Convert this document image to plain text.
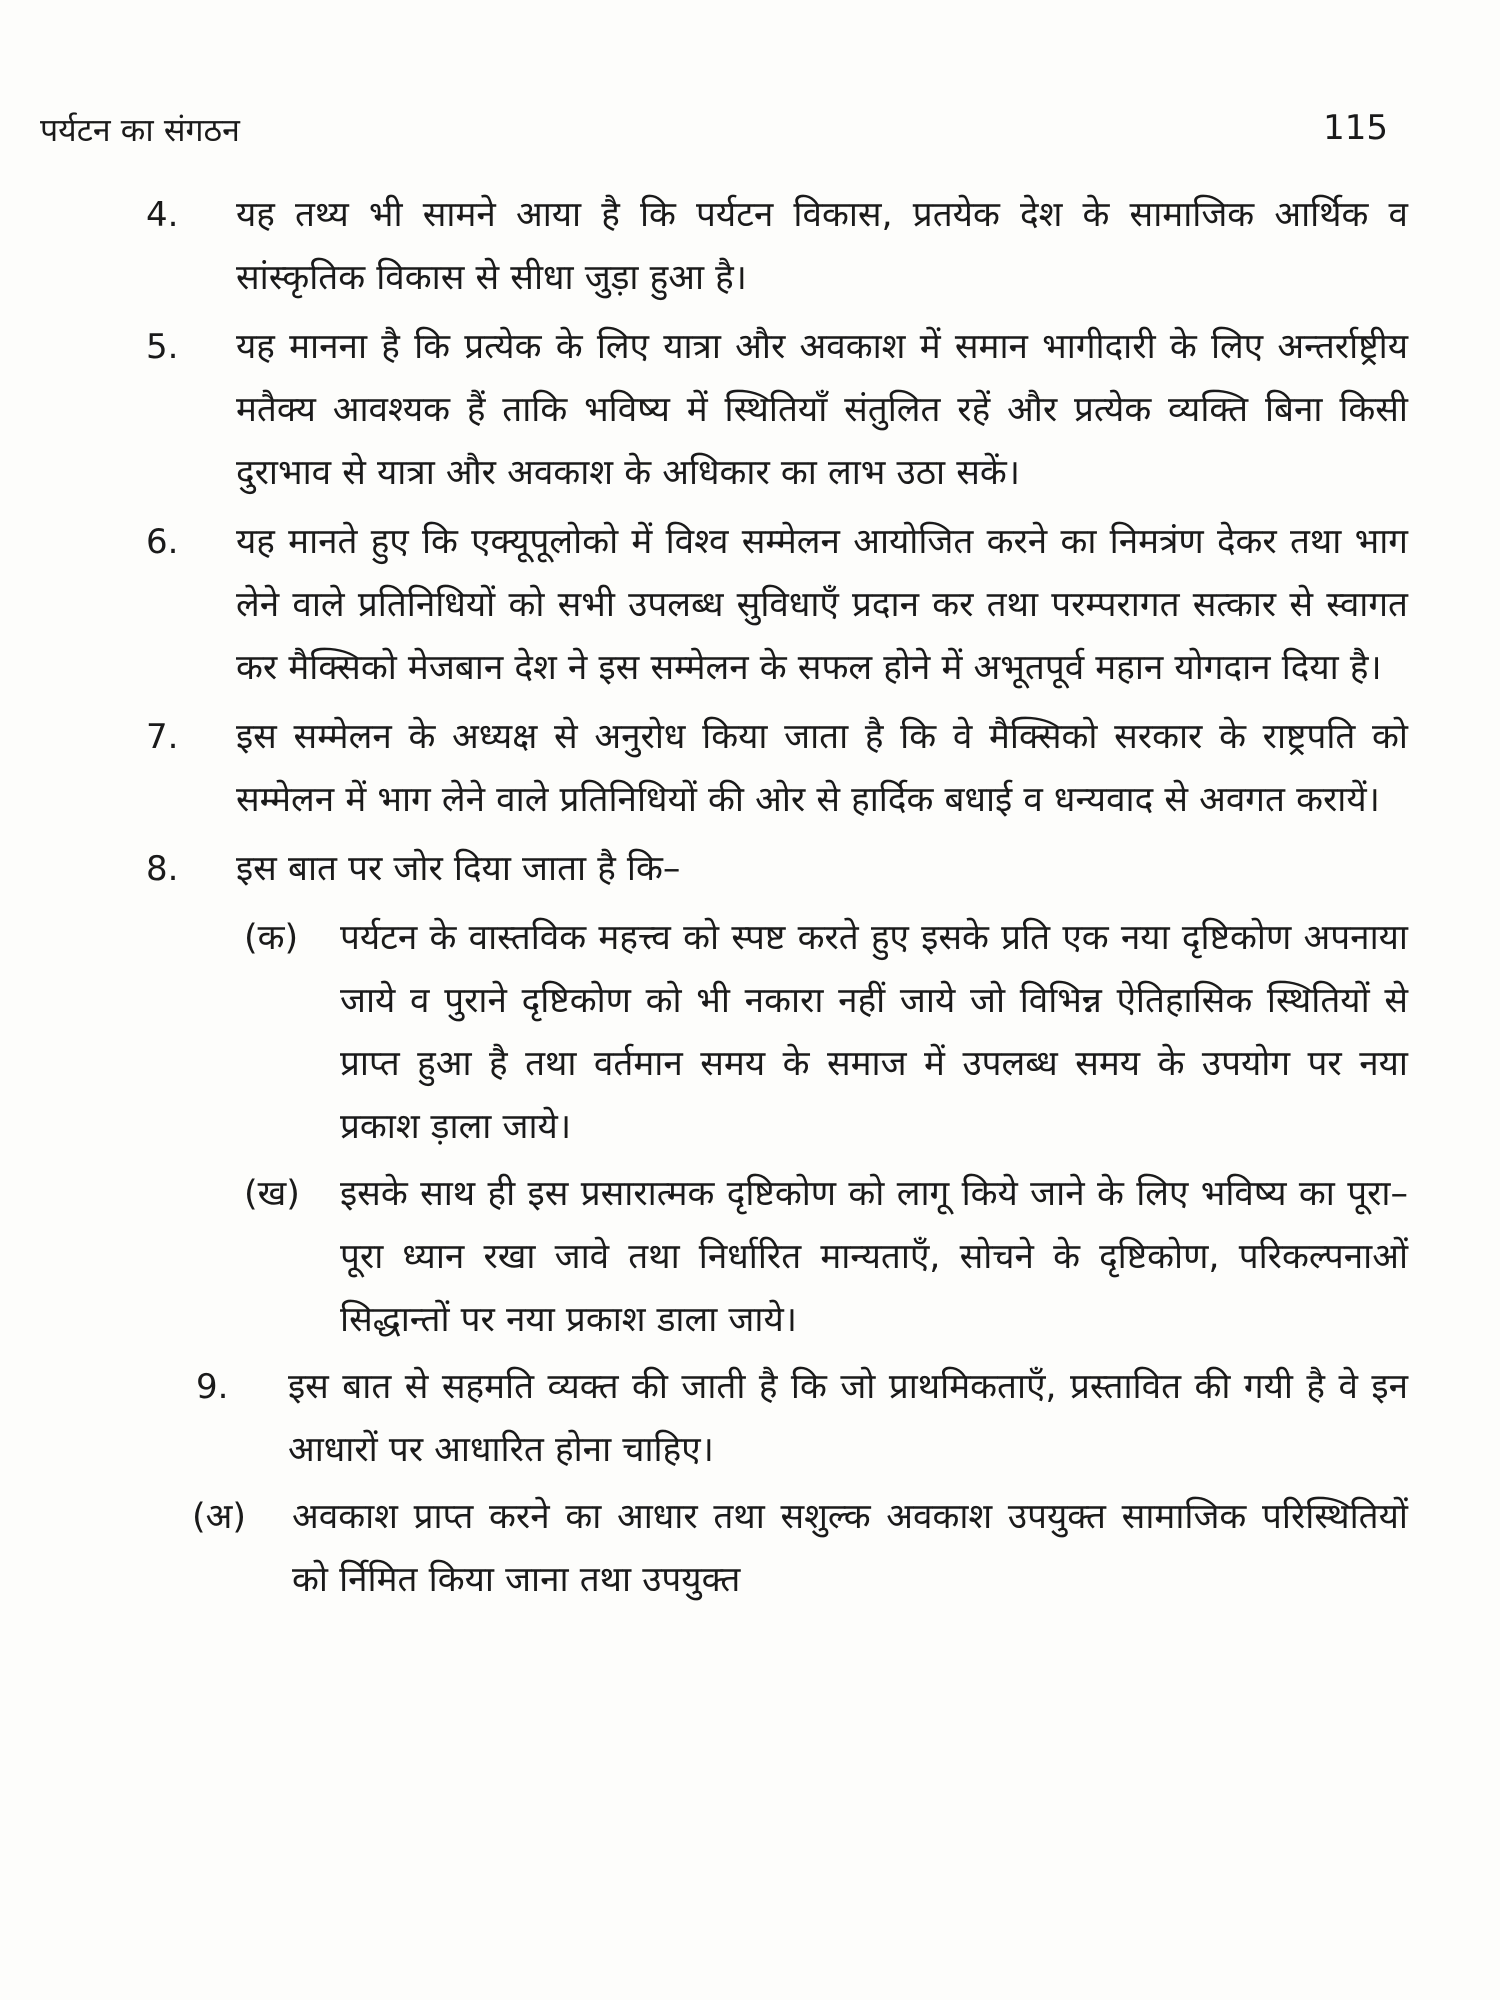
पर्यटन का संगठन	115
4. यह तथ्य भी सामने आया है कि पर्यटन विकास, प्रतयेक देश के सामाजिक आर्थिक व सांस्कृतिक विकास से सीधा जुड़ा हुआ है।
5. यह मानना है कि प्रत्येक के लिए यात्रा और अवकाश में समान भागीदारी के लिए अन्तर्राष्ट्रीय मतैक्य आवश्यक हैं ताकि भविष्य में स्थितियाँ संतुलित रहें और प्रत्येक व्यक्ति बिना किसी दुराभाव से यात्रा और अवकाश के अधिकार का लाभ उठा सकें।
6. यह मानते हुए कि एक्यूपूलोको में विश्व सम्मेलन आयोजित करने का निमत्रंण देकर तथा भाग लेने वाले प्रतिनिधियों को सभी उपलब्ध सुविधाएँ प्रदान कर तथा परम्परागत सत्कार से स्वागत कर मैक्सिको मेजबान देश ने इस सम्मेलन के सफल होने में अभूतपूर्व महान योगदान दिया है।
7. इस सम्मेलन के अध्यक्ष से अनुरोध किया जाता है कि वे मैक्सिको सरकार के राष्ट्रपति को सम्मेलन में भाग लेने वाले प्रतिनिधियों की ओर से हार्दिक बधाई व धन्यवाद से अवगत करायें।
8. इस बात पर जोर दिया जाता है कि–
(क) पर्यटन के वास्तविक महत्त्व को स्पष्ट करते हुए इसके प्रति एक नया दृष्टिकोण अपनाया जाये व पुराने दृष्टिकोण को भी नकारा नहीं जाये जो विभिन्न ऐतिहासिक स्थितियों से प्राप्त हुआ है तथा वर्तमान समय के समाज में उपलब्ध समय के उपयोग पर नया प्रकाश ड़ाला जाये।
(ख) इसके साथ ही इस प्रसारात्मक दृष्टिकोण को लागू किये जाने के लिए भविष्य का पूरा–पूरा ध्यान रखा जावे तथा निर्धारित मान्यताएँ, सोचने के दृष्टिकोण, परिकल्पनाओं सिद्धान्तों पर नया प्रकाश डाला जाये।
9. इस बात से सहमति व्यक्त की जाती है कि जो प्राथमिकताएँ, प्रस्तावित की गयी है वे इन आधारों पर आधारित होना चाहिए।
(अ) अवकाश प्राप्त करने का आधार तथा सशुल्क अवकाश उपयुक्त सामाजिक परिस्थितियों को र्निमित किया जाना तथा उपयुक्त
